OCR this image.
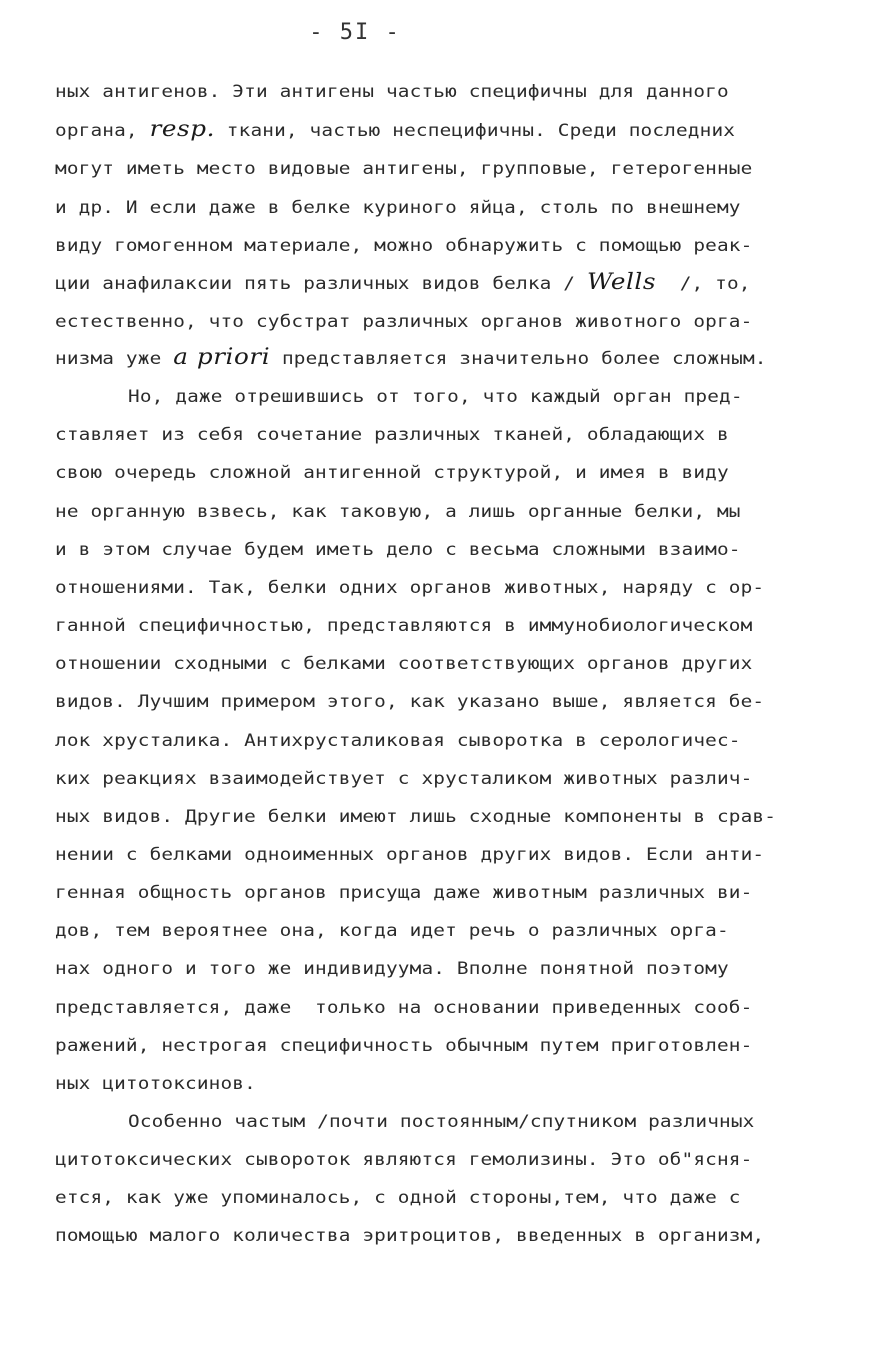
- 5I -
ных антигенов. Эти антигены частью специфичны для данного
органа, resp. ткани, частью неспецифичны. Среди последних
могут иметь место видовые антигены, групповые, гетерогенные
и др. И если даже в белке куриного яйца, столь по внешнему
виду гомогенном материале, можно обнаружить с помощью реак-
ции анафилаксии пять различных видов белка / Wells  /, то,
естественно, что субстрат различных органов животного орга-
низма уже a priori представляется значительно более сложным.
Но, даже отрешившись от того, что каждый орган пред-
ставляет из себя сочетание различных тканей, обладающих в
свою очередь сложной антигенной структурой, и имея в виду
не органную взвесь, как таковую, а лишь органные белки, мы
и в этом случае будем иметь дело с весьма сложными взаимо-
отношениями. Так, белки одних органов животных, наряду с ор-
ганной специфичностью, представляются в иммунобиологическом
отношении сходными с белками соответствующих органов других
видов. Лучшим примером этого, как указано выше, является бе-
лок хрусталика. Антихрусталиковая сыворотка в серологичес-
ких реакциях взаимодействует с хрусталиком животных различ-
ных видов. Другие белки имеют лишь сходные компоненты в срав-
нении с белками одноименных органов других видов. Если анти-
генная общность органов присуща даже животным различных ви-
дов, тем вероятнее она, когда идет речь о различных орга-
нах одного и того же индивидуума. Вполне понятной поэтому
представляется, даже  только на основании приведенных сооб-
ражений, нестрогая специфичность обычным путем приготовлен-
ных цитотоксинов.
Особенно частым /почти постоянным/спутником различных
цитотоксических сывороток являются гемолизины. Это об"ясня-
ется, как уже упоминалось, с одной стороны,тем, что даже с
помощью малого количества эритроцитов, введенных в организм,
